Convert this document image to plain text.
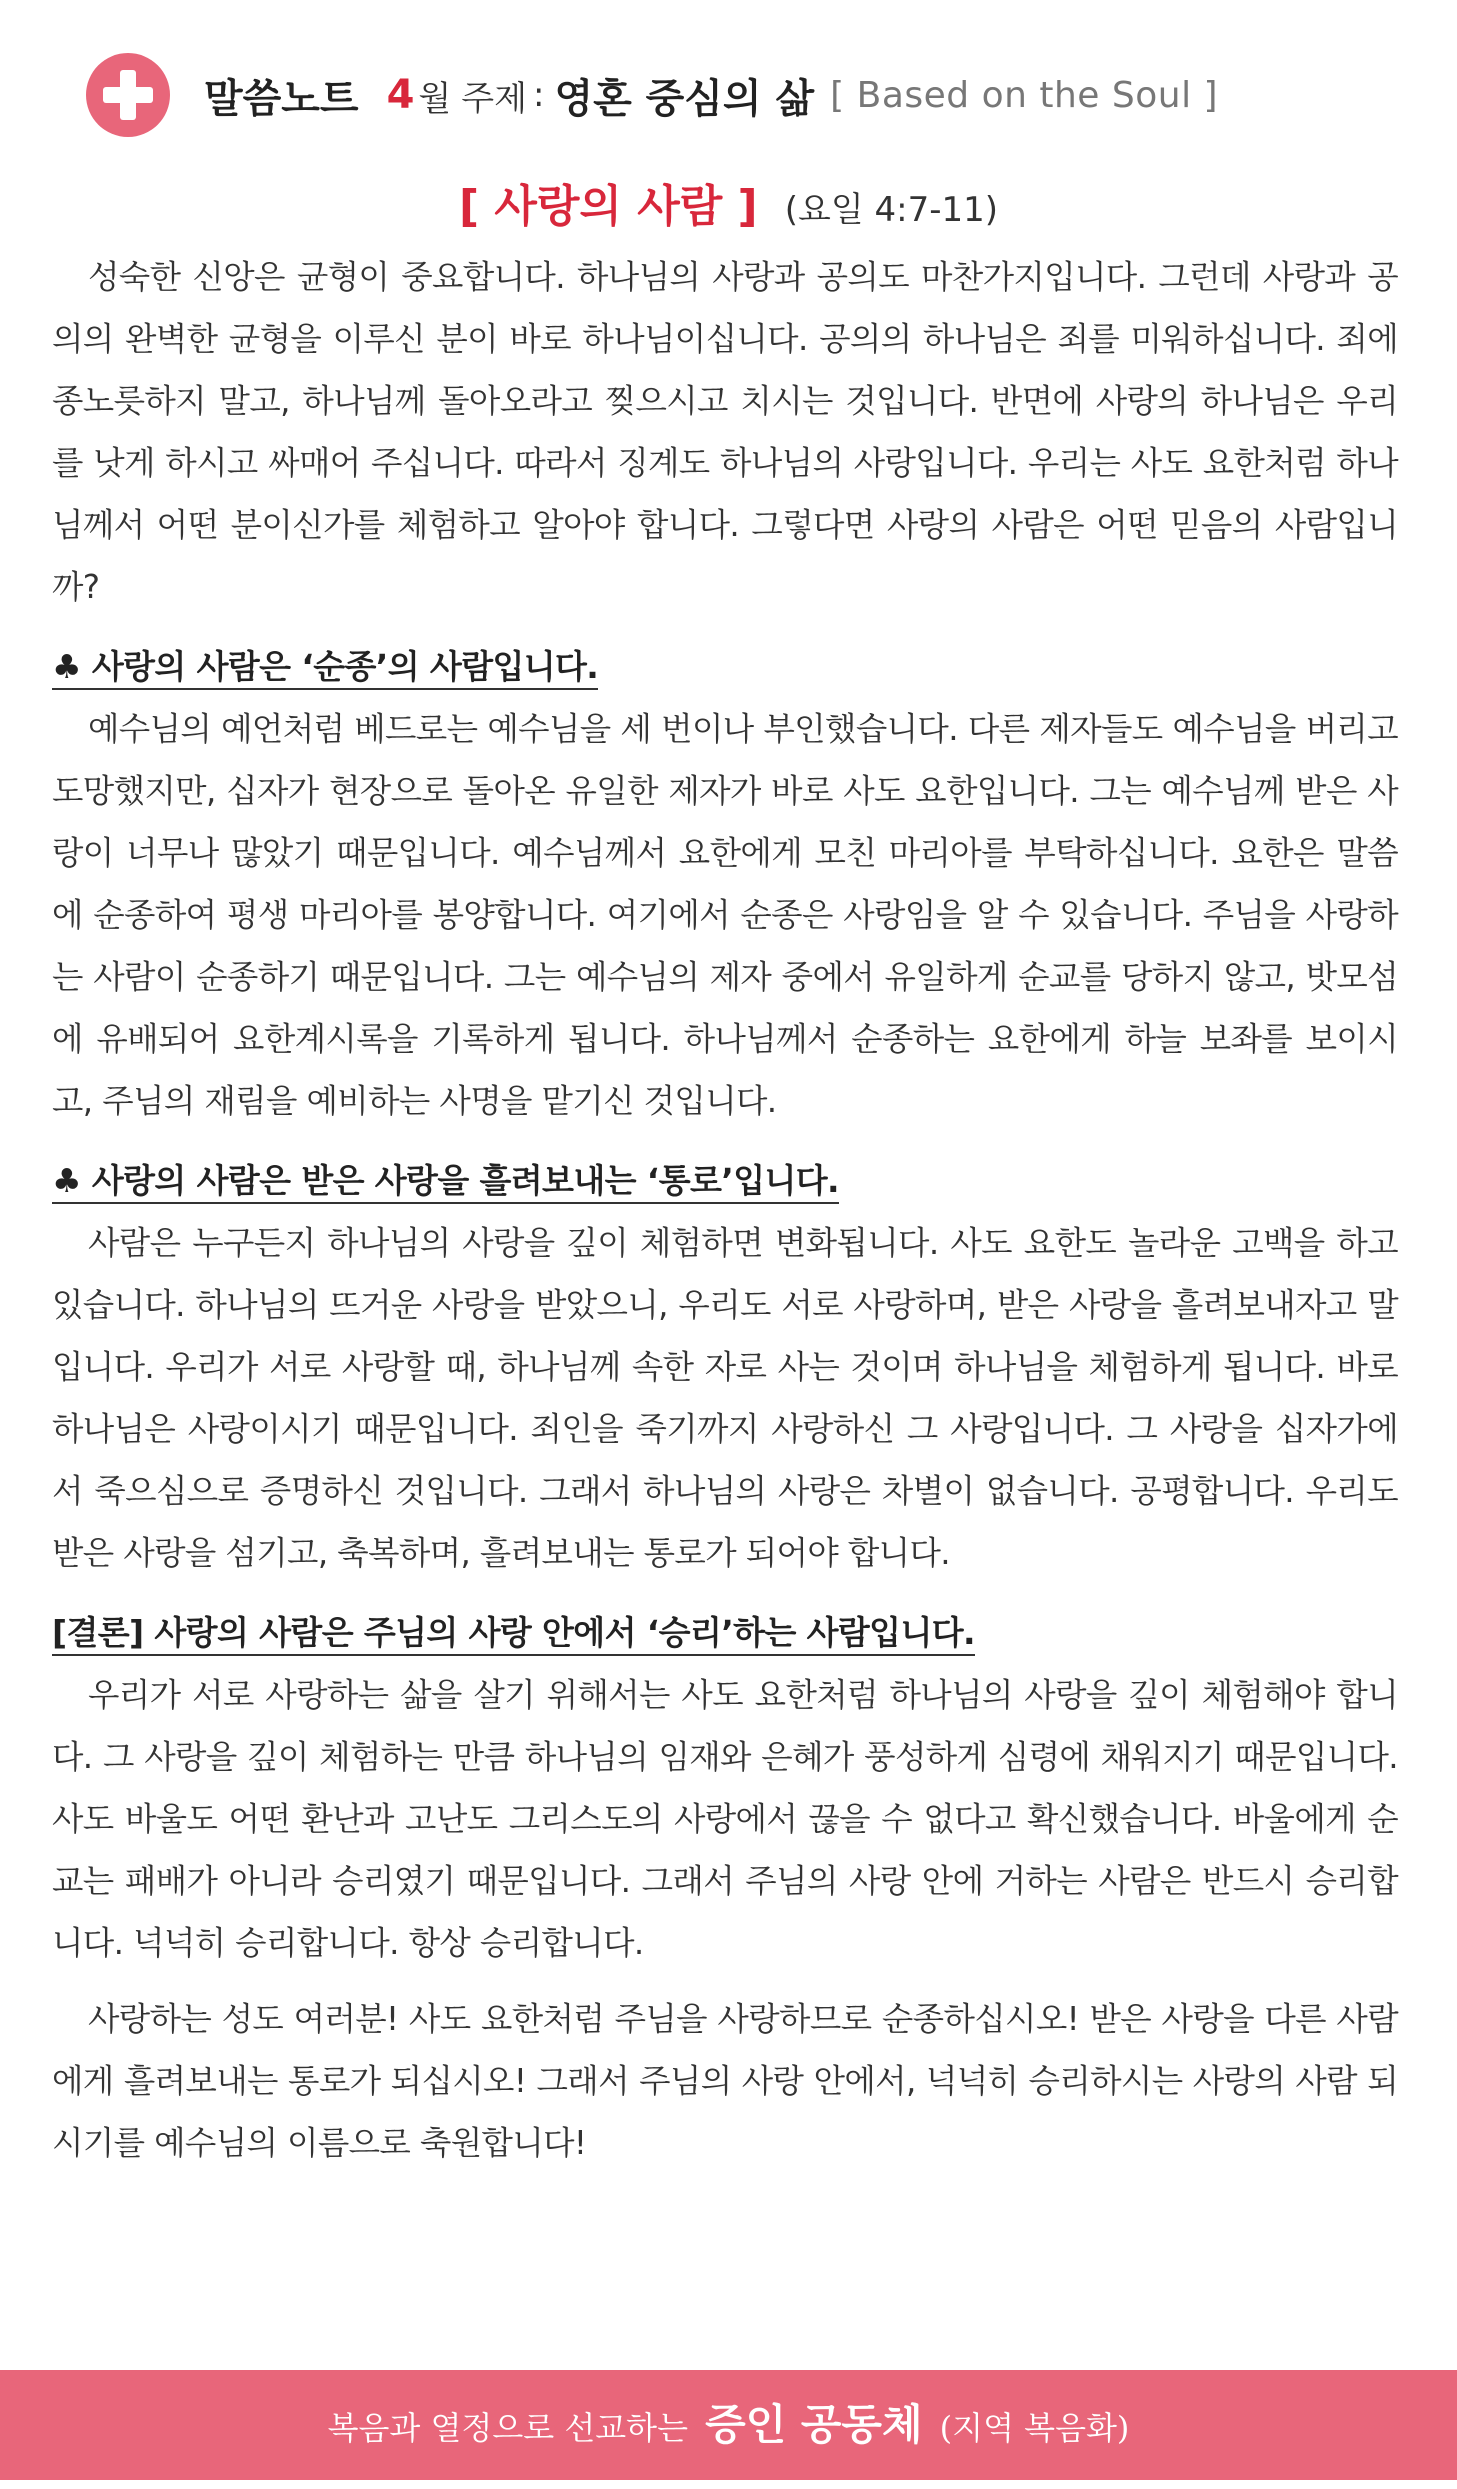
말씀노트 4 월 주제 : 영혼 중심의 삶 [ Based on the Soul ]
[ 사랑의 사람 ] (요일 4:7-11)

성숙한 신앙은 균형이 중요합니다. 하나님의 사랑과 공의도 마찬가지입니다. 그런데 사랑과 공의의 완벽한 균형을 이루신 분이 바로 하나님이십니다. 공의의 하나님은 죄를 미워하십니다. 죄에 종노릇하지 말고, 하나님께 돌아오라고 찢으시고 치시는 것입니다. 반면에 사랑의 하나님은 우리를 낫게 하시고 싸매어 주십니다. 따라서 징계도 하나님의 사랑입니다. 우리는 사도 요한처럼 하나님께서 어떤 분이신가를 체험하고 알아야 합니다. 그렇다면 사랑의 사람은 어떤 믿음의 사람입니까?

♣ 사랑의 사람은 ‘순종’의 사람입니다.

예수님의 예언처럼 베드로는 예수님을 세 번이나 부인했습니다. 다른 제자들도 예수님을 버리고 도망했지만, 십자가 현장으로 돌아온 유일한 제자가 바로 사도 요한입니다. 그는 예수님께 받은 사랑이 너무나 많았기 때문입니다. 예수님께서 요한에게 모친 마리아를 부탁하십니다. 요한은 말씀에 순종하여 평생 마리아를 봉양합니다. 여기에서 순종은 사랑임을 알 수 있습니다. 주님을 사랑하는 사람이 순종하기 때문입니다. 그는 예수님의 제자 중에서 유일하게 순교를 당하지 않고, 밧모섬에 유배되어 요한계시록을 기록하게 됩니다. 하나님께서 순종하는 요한에게 하늘 보좌를 보이시고, 주님의 재림을 예비하는 사명을 맡기신 것입니다.

♣ 사랑의 사람은 받은 사랑을 흘려보내는 ‘통로’입니다.

사람은 누구든지 하나님의 사랑을 깊이 체험하면 변화됩니다. 사도 요한도 놀라운 고백을 하고 있습니다. 하나님의 뜨거운 사랑을 받았으니, 우리도 서로 사랑하며, 받은 사랑을 흘려보내자고 말입니다. 우리가 서로 사랑할 때, 하나님께 속한 자로 사는 것이며 하나님을 체험하게 됩니다. 바로 하나님은 사랑이시기 때문입니다. 죄인을 죽기까지 사랑하신 그 사랑입니다. 그 사랑을 십자가에서 죽으심으로 증명하신 것입니다. 그래서 하나님의 사랑은 차별이 없습니다. 공평합니다. 우리도 받은 사랑을 섬기고, 축복하며, 흘려보내는 통로가 되어야 합니다.

[결론] 사랑의 사람은 주님의 사랑 안에서 ‘승리’하는 사람입니다.

우리가 서로 사랑하는 삶을 살기 위해서는 사도 요한처럼 하나님의 사랑을 깊이 체험해야 합니다. 그 사랑을 깊이 체험하는 만큼 하나님의 임재와 은혜가 풍성하게 심령에 채워지기 때문입니다. 사도 바울도 어떤 환난과 고난도 그리스도의 사랑에서 끊을 수 없다고 확신했습니다. 바울에게 순교는 패배가 아니라 승리였기 때문입니다. 그래서 주님의 사랑 안에 거하는 사람은 반드시 승리합니다. 넉넉히 승리합니다. 항상 승리합니다.

사랑하는 성도 여러분! 사도 요한처럼 주님을 사랑하므로 순종하십시오! 받은 사랑을 다른 사람에게 흘려보내는 통로가 되십시오! 그래서 주님의 사랑 안에서, 넉넉히 승리하시는 사랑의 사람 되시기를 예수님의 이름으로 축원합니다!

복음과 열정으로 선교하는 증인 공동체 (지역 복음화)
